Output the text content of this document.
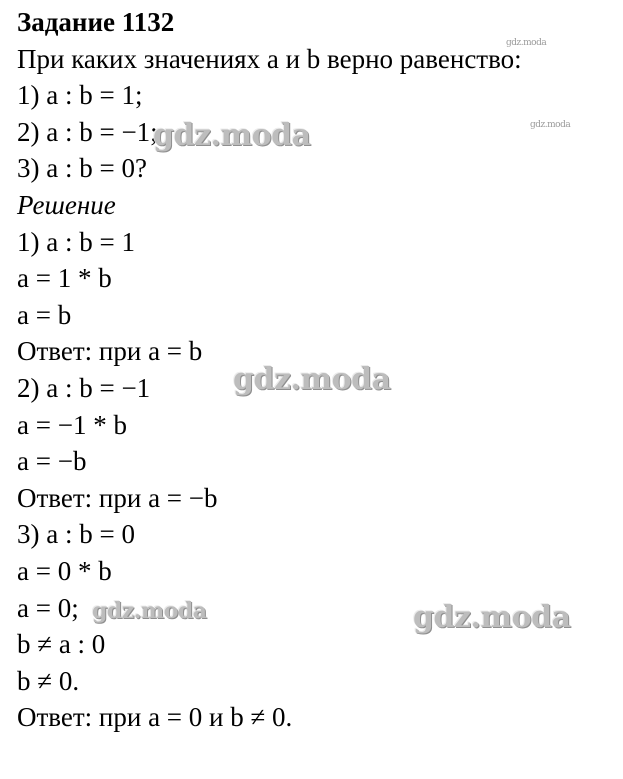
Задание 1132
При каких значениях a и b верно равенство:
1) a : b = 1;
2) a : b = −1;
3) a : b = 0?
Решение
1) a : b = 1
a = 1 * b
a = b
Ответ: при a = b
2) a : b = −1
a = −1 * b
a = −b
Ответ: при a = −b
3) a : b = 0
a = 0 * b
a = 0;
b ≠ a : 0
b ≠ 0.
Ответ: при a = 0 и b ≠ 0.
gdz.moda
gdz.moda
gdz.moda
gdz.moda
gdz.moda	gdz.moda
